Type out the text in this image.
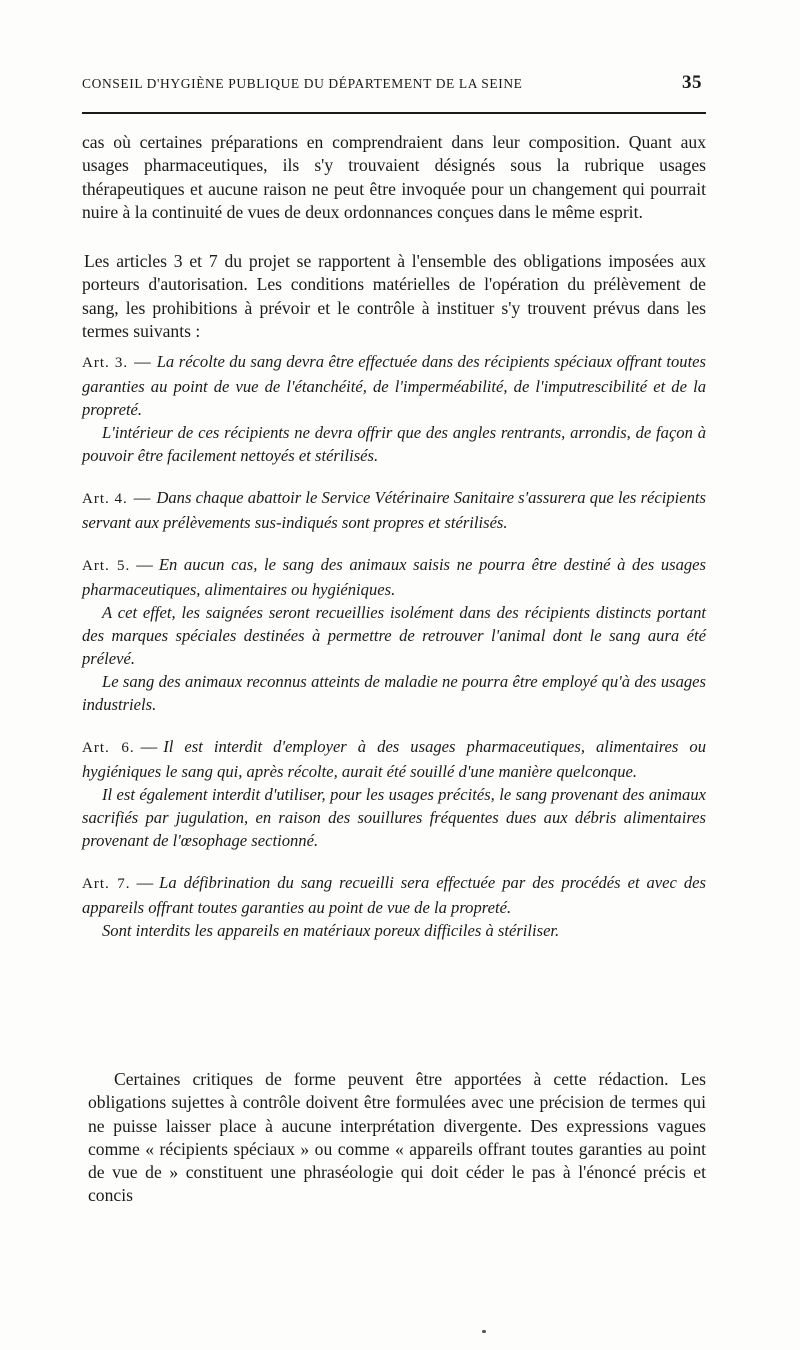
CONSEIL D'HYGIÈNE PUBLIQUE DU DÉPARTEMENT DE LA SEINE	35

cas où certaines préparations en comprendraient dans leur composition. Quant aux usages pharmaceutiques, ils s'y trouvaient désignés sous la rubrique usages thérapeutiques et aucune raison ne peut être invoquée pour un changement qui pourrait nuire à la continuité de vues de deux ordonnances conçues dans le même esprit.

Les articles 3 et 7 du projet se rapportent à l'ensemble des obligations imposées aux porteurs d'autorisation. Les conditions matérielles de l'opération du prélèvement de sang, les prohibitions à prévoir et le contrôle à instituer s'y trouvent prévus dans les termes suivants :

Art. 3. — La récolte du sang devra être effectuée dans des récipients spéciaux offrant toutes garanties au point de vue de l'étanchéité, de l'imperméabilité, de l'imputrescibilité et de la propreté.

L'intérieur de ces récipients ne devra offrir que des angles rentrants, arrondis, de façon à pouvoir être facilement nettoyés et stérilisés.

Art. 4. — Dans chaque abattoir le Service Vétérinaire Sanitaire s'assurera que les récipients servant aux prélèvements sus-indiqués sont propres et stérilisés.

Art. 5. — En aucun cas, le sang des animaux saisis ne pourra être destiné à des usages pharmaceutiques, alimentaires ou hygiéniques.

A cet effet, les saignées seront recueillies isolément dans des récipients distincts portant des marques spéciales destinées à permettre de retrouver l'animal dont le sang aura été prélevé.

Le sang des animaux reconnus atteints de maladie ne pourra être employé qu'à des usages industriels.

Art. 6. — Il est interdit d'employer à des usages pharmaceutiques, alimentaires ou hygiéniques le sang qui, après récolte, aurait été souillé d'une manière quelconque.

Il est également interdit d'utiliser, pour les usages précités, le sang provenant des animaux sacrifiés par jugulation, en raison des souillures fréquentes dues aux débris alimentaires provenant de l'œsophage sectionné.

Art. 7. — La défibrination du sang recueilli sera effectuée par des procédés et avec des appareils offrant toutes garanties au point de vue de la propreté.

Sont interdits les appareils en matériaux poreux difficiles à stériliser.

Certaines critiques de forme peuvent être apportées à cette rédaction. Les obligations sujettes à contrôle doivent être formulées avec une précision de termes qui ne puisse laisser place à aucune interprétation divergente. Des expressions vagues comme « récipients spéciaux » ou comme « appareils offrant toutes garanties au point de vue de » constituent une phraséologie qui doit céder le pas à l'énoncé précis et concis
